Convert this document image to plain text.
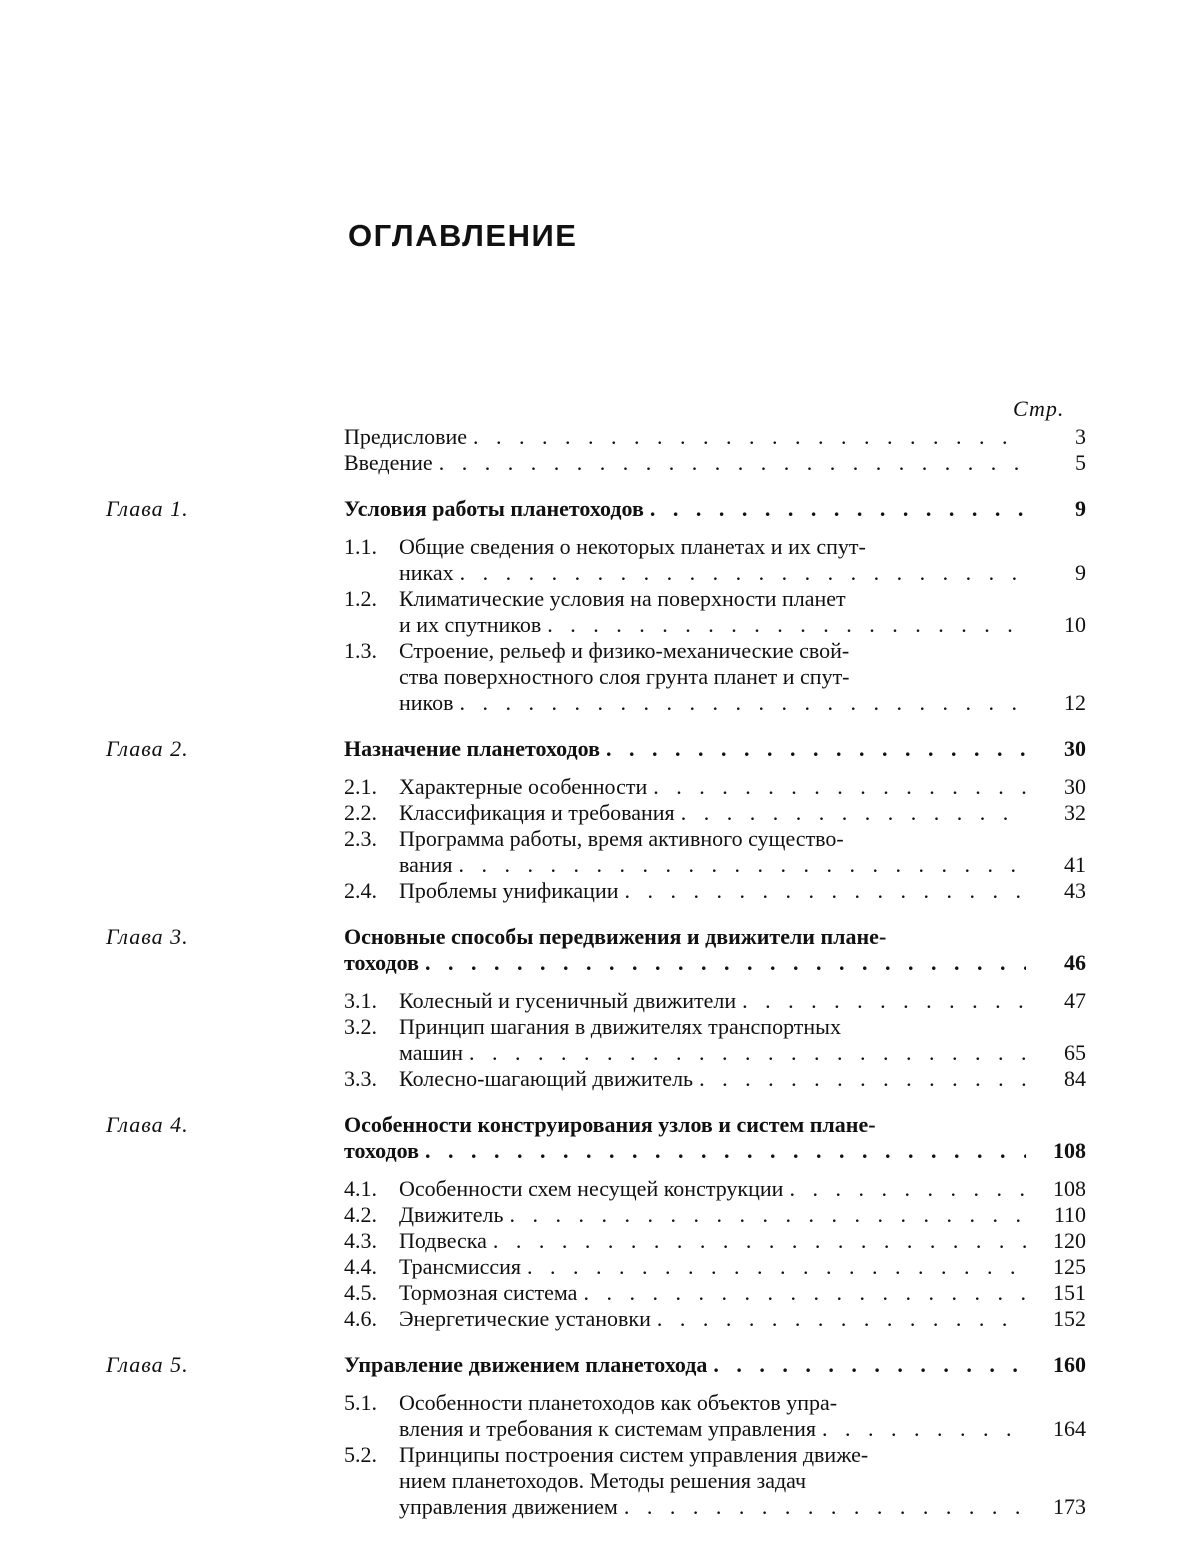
ОГЛАВЛЕНИЕ
Стр.
Предисловие . . .	3
Введение . . .	5
Глава 1.	Условия работы планетоходов . . .	9
1.1. Общие сведения о некоторых планетах и их спут-
никах . . .	9
1.2. Климатические условия на поверхности планет
и их спутников . . .	10
1.3. Строение, рельеф и физико-механические свой-
ства поверхностного слоя грунта планет и спут-
ников . . .	12
Глава 2.	Назначение планетоходов . . .	30
2.1.	Характерные особенности . . .	30
2.2.	Классификация и требования . . .	32
2.3. Программа работы, время активного существо-
вания . . .	41
2.4.	Проблемы унификации . . .	43
Глава 3.	Основные способы передвижения и движители плане-
тоходов . . .	46
3.1.	Колесный и гусеничный движители . . .	47
3.2. Принцип шагания в движителях транспортных
машин . . .	65
3.3.	Колесно-шагающий движитель . . .	84
Глава 4.	Особенности конструирования узлов и систем плане-
тоходов . . .	108
4.1.	Особенности схем несущей конструкции . . .	108
4.2.	Движитель . . .	110
4.3.	Подвеска . . .	120
4.4.	Трансмиссия . . .	125
4.5.	Тормозная система . . .	151
4.6.	Энергетические установки . . .	152
Глава 5.	Управление движением планетохода . . .	160
5.1. Особенности планетоходов как объектов упра-
вления и требования к системам управления . . .	164
5.2. Принципы построения систем управления движе-
нием планетоходов. Методы решения задач
управления движением . . .	173
